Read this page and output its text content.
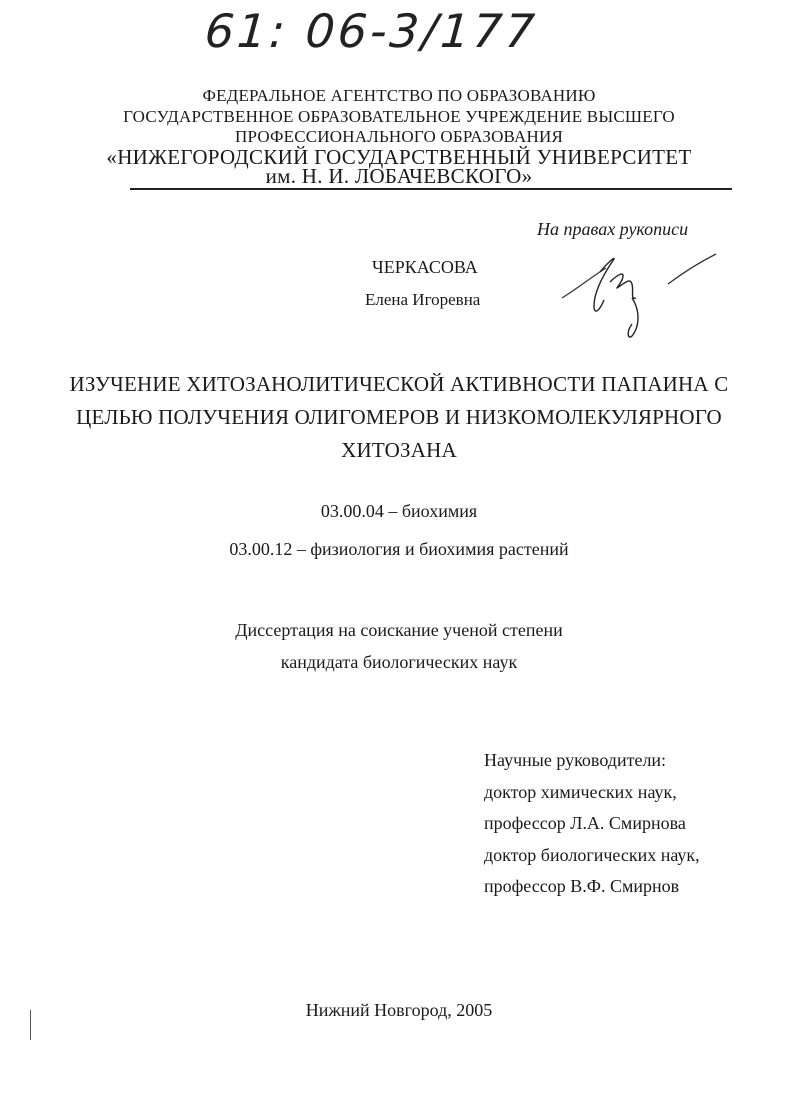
61: 06-3/177
ФЕДЕРАЛЬНОЕ АГЕНТСТВО ПО ОБРАЗОВАНИЮ
ГОСУДАРСТВЕННОЕ ОБРАЗОВАТЕЛЬНОЕ УЧРЕЖДЕНИЕ ВЫСШЕГО
ПРОФЕССИОНАЛЬНОГО ОБРАЗОВАНИЯ
«НИЖЕГОРОДСКИЙ ГОСУДАРСТВЕННЫЙ УНИВЕРСИТЕТ
им. Н. И. ЛОБАЧЕВСКОГО»
На правах рукописи
ЧЕРКАСОВА
Елена Игоревна
ИЗУЧЕНИЕ ХИТОЗАНОЛИТИЧЕСКОЙ АКТИВНОСТИ ПАПАИНА С
ЦЕЛЬЮ ПОЛУЧЕНИЯ ОЛИГОМЕРОВ И НИЗКОМОЛЕКУЛЯРНОГО
ХИТОЗАНА
03.00.04 – биохимия
03.00.12 – физиология и биохимия растений
Диссертация на соискание ученой степени
кандидата биологических наук
Научные руководители:
доктор химических наук,
профессор Л.А. Смирнова
доктор биологических наук,
профессор В.Ф. Смирнов
Нижний Новгород, 2005
